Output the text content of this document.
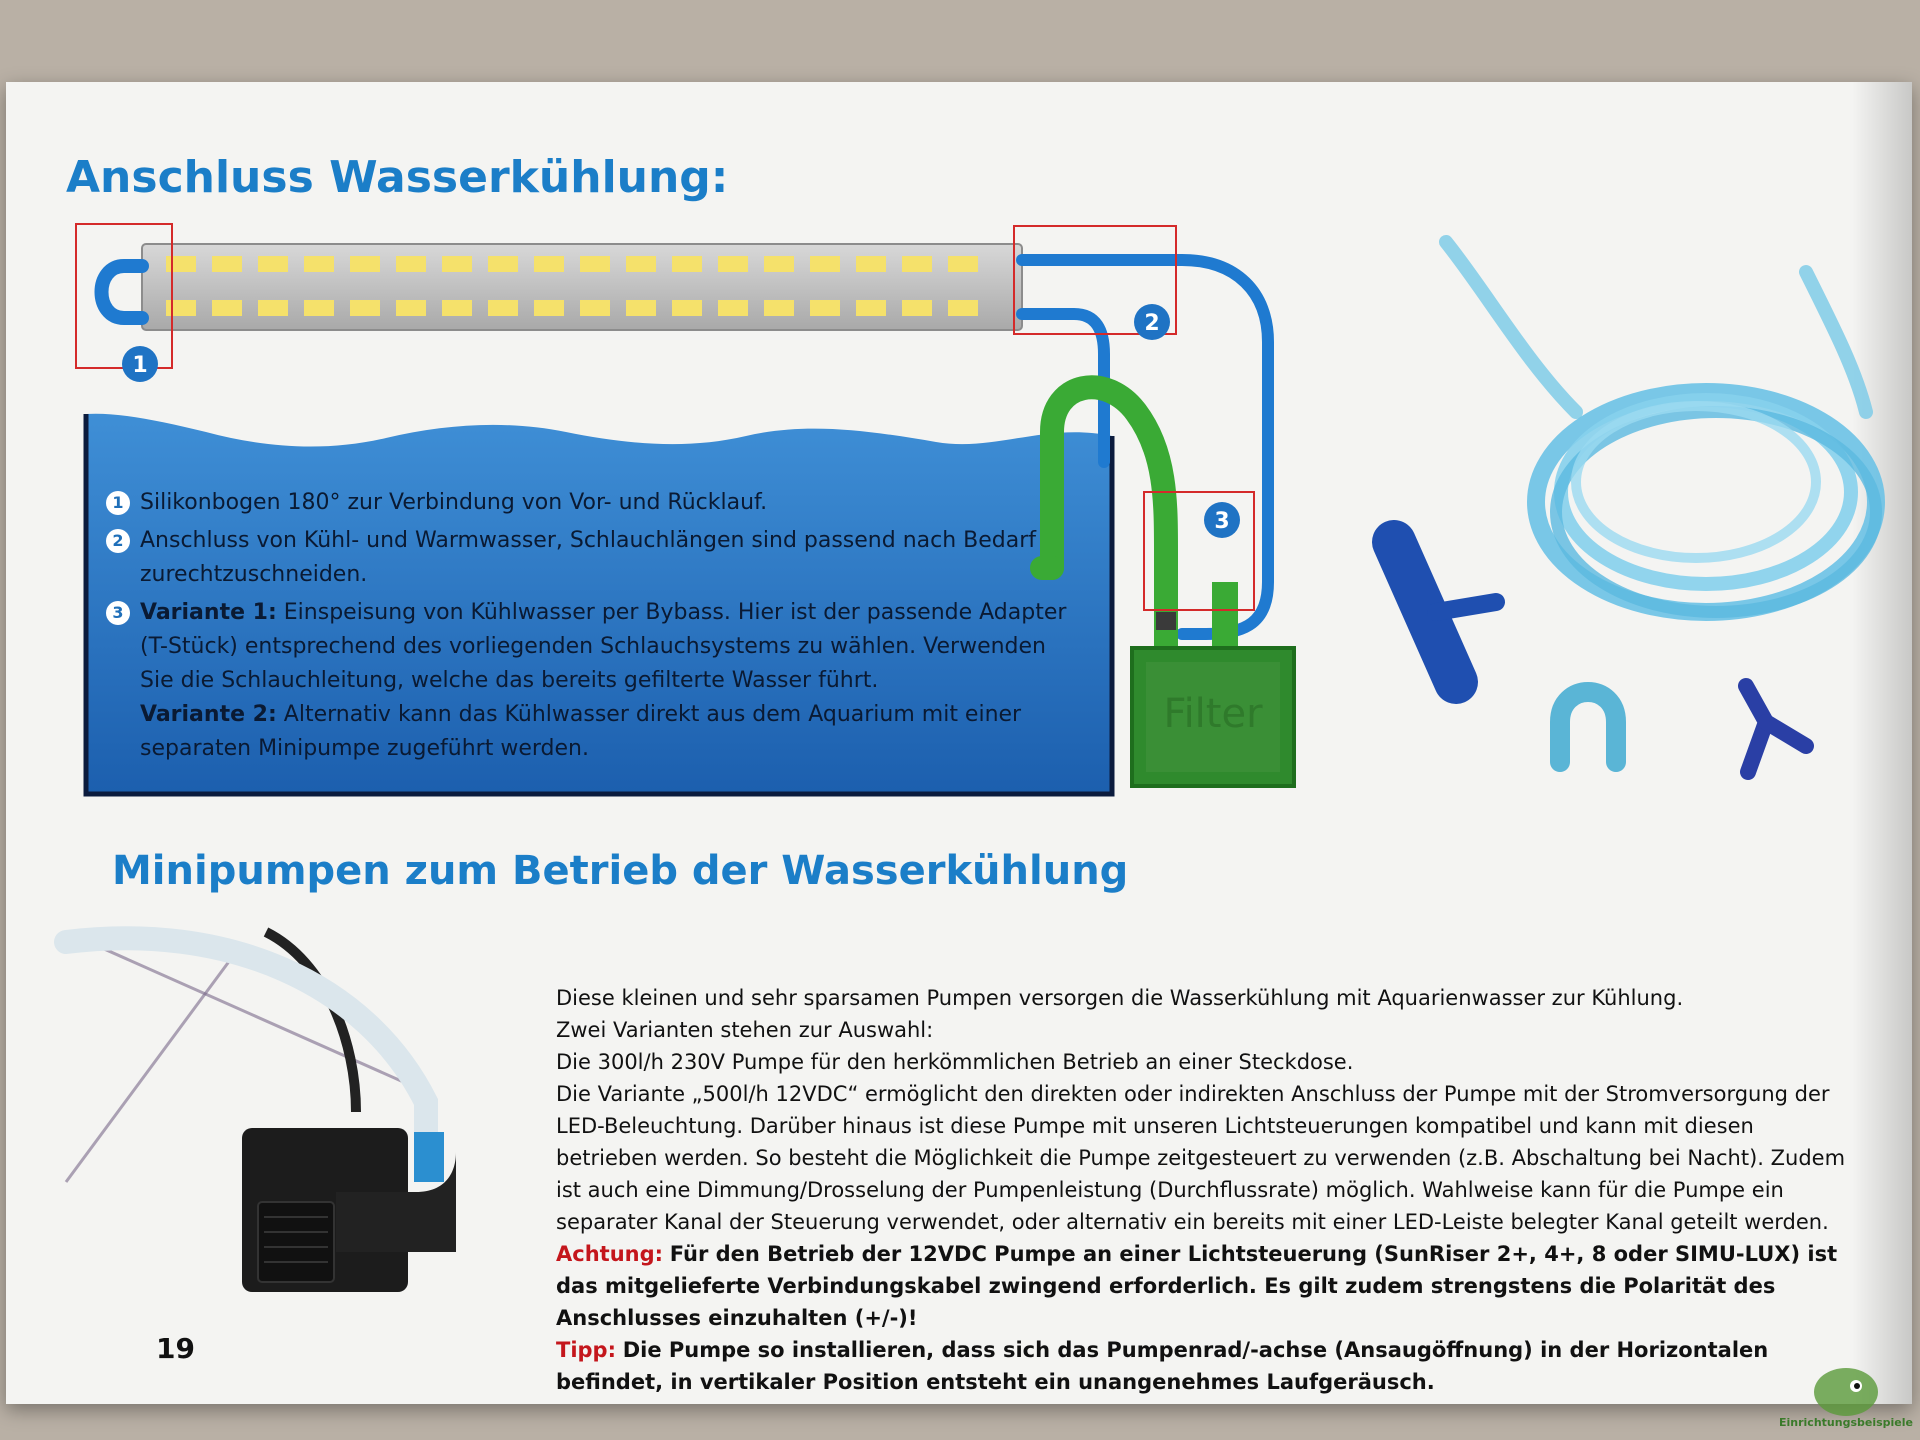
Anschluss Wasserkühlung:
Filter
1
2
3
1 Silikonbogen 180° zur Verbindung von Vor- und Rücklauf.
2 Anschluss von Kühl- und Warmwasser, Schlauchlängen sind passend nach Bedarf zurechtzuschneiden.
3 Variante 1: Einspeisung von Kühlwasser per Bybass. Hier ist der passende Adapter (T-Stück) entsprechend des vorliegenden Schlauchsystems zu wählen. Verwenden Sie die Schlauchleitung, welche das bereits gefilterte Wasser führt.
Variante 2: Alternativ kann das Kühlwasser direkt aus dem Aquarium mit einer separaten Minipumpe zugeführt werden.
Minipumpen zum Betrieb der Wasserkühlung

Diese kleinen und sehr sparsamen Pumpen versorgen die Wasserkühlung mit Aquarienwasser zur Kühlung.

Zwei Varianten stehen zur Auswahl:

Die 300l/h 230V Pumpe für den herkömmlichen Betrieb an einer Steckdose.

Die Variante „500l/h 12VDC“ ermöglicht den direkten oder indirekten Anschluss der Pumpe mit der Stromversorgung der LED-Beleuchtung. Darüber hinaus ist diese Pumpe mit unseren Lichtsteuerungen kompatibel und kann mit diesen betrieben werden. So besteht die Möglichkeit die Pumpe zeitgesteuert zu verwenden (z.B. Abschaltung bei Nacht). Zudem ist auch eine Dimmung/Drosselung der Pumpenleistung (Durchflussrate) möglich. Wahlweise kann für die Pumpe ein separater Kanal der Steuerung verwendet, oder alternativ ein bereits mit einer LED-Leiste belegter Kanal geteilt werden.

Achtung: Für den Betrieb der 12VDC Pumpe an einer Lichtsteuerung (SunRiser 2+, 4+, 8 oder SIMU-LUX) ist das mitgelieferte Verbindungskabel zwingend erforderlich. Es gilt zudem strengstens die Polarität des Anschlusses einzuhalten (+/-)!

Tipp: Die Pumpe so installieren, dass sich das Pumpenrad/-achse (Ansaugöffnung) in der Horizontalen befindet, in vertikaler Position entsteht ein unangenehmes Laufgeräusch.

19
Einrichtungsbeispiele
